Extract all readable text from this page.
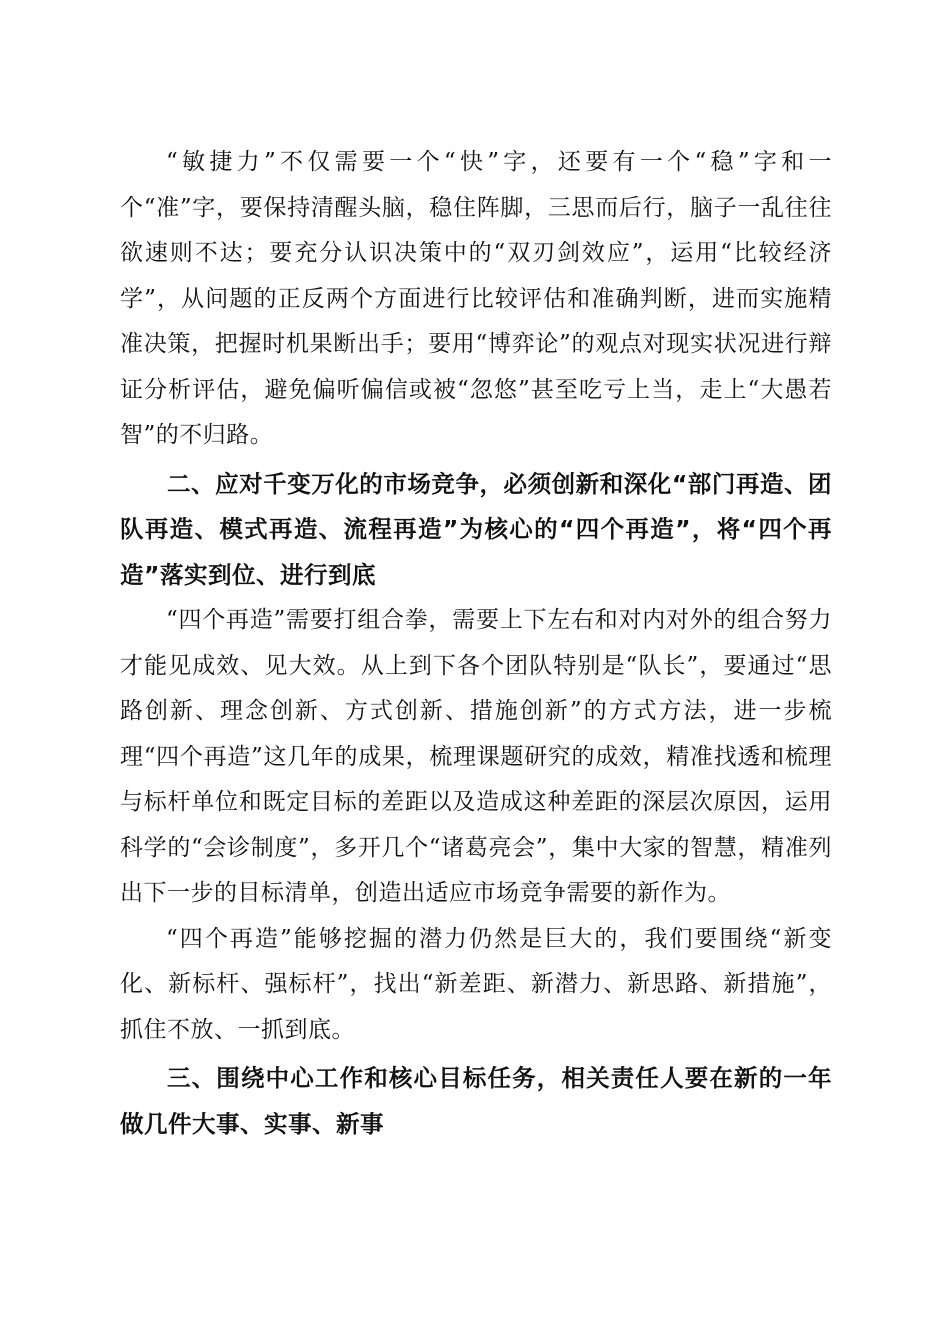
“敏捷力”不仅需要一个“快”字，还要有一个“稳”字和一个“准”字，要保持清醒头脑，稳住阵脚，三思而后行，脑子一乱往往欲速则不达；要充分认识决策中的“双刃剑效应”，运用“比较经济学”，从问题的正反两个方面进行比较评估和准确判断，进而实施精准决策，把握时机果断出手；要用“博弈论”的观点对现实状况进行辩证分析评估，避免偏听偏信或被“忽悠”甚至吃亏上当，走上“大愚若智”的不归路。

二、应对千变万化的市场竞争，必须创新和深化“部门再造、团队再造、模式再造、流程再造”为核心的“四个再造”，将“四个再造”落实到位、进行到底

“四个再造”需要打组合拳，需要上下左右和对内对外的组合努力才能见成效、见大效。从上到下各个团队特别是“队长”，要通过“思路创新、理念创新、方式创新、措施创新”的方式方法，进一步梳理“四个再造”这几年的成果，梳理课题研究的成效，精准找透和梳理与标杆单位和既定目标的差距以及造成这种差距的深层次原因，运用科学的“会诊制度”，多开几个“诸葛亮会”，集中大家的智慧，精准列出下一步的目标清单，创造出适应市场竞争需要的新作为。

“四个再造”能够挖掘的潜力仍然是巨大的，我们要围绕“新变化、新标杆、强标杆”，找出“新差距、新潜力、新思路、新措施”，抓住不放、一抓到底。

三、围绕中心工作和核心目标任务，相关责任人要在新的一年做几件大事、实事、新事
